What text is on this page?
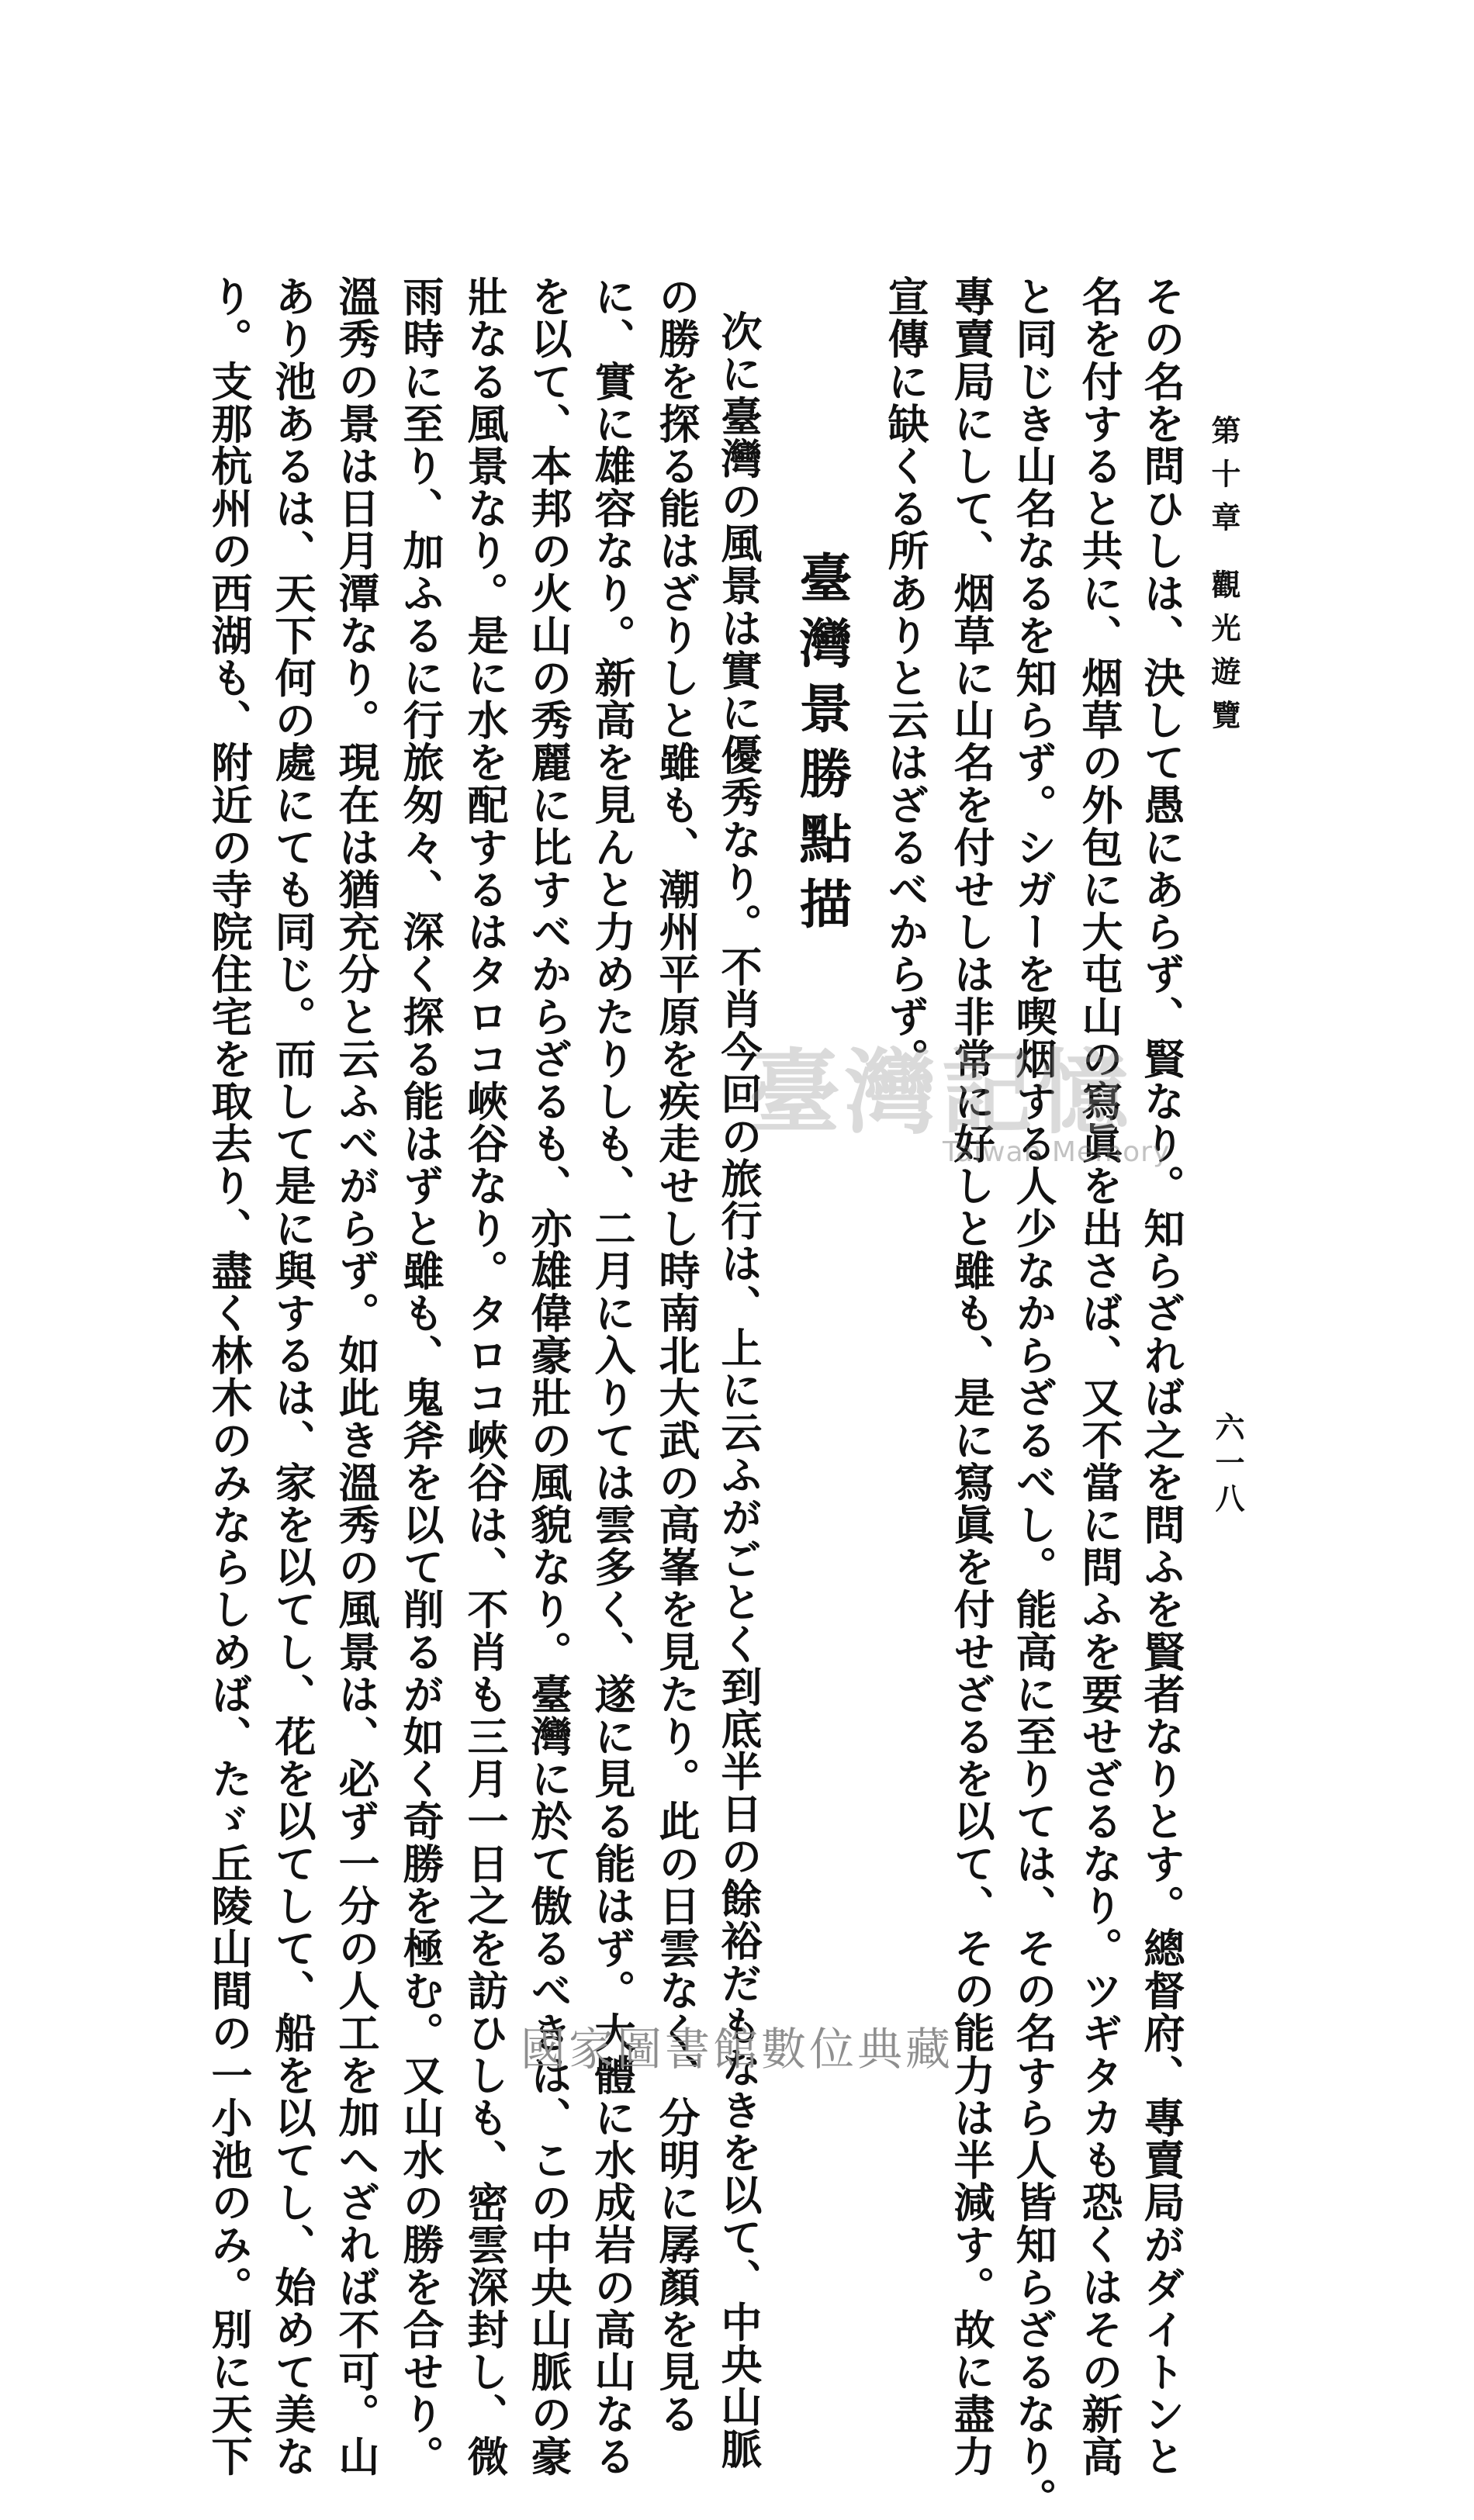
第十章 觀光遊覽
六一八
その名を問ひしは、決して愚にあらず、賢なり。知らざれば之を問ふを賢者なりとす。總督府、專賣局がダイトンと
名を付すると共に、烟草の外包に大屯山の寫眞を出さば、又不當に問ふを要せざるなり。ツギタカも恐くはその新高
と同じき山名なるを知らず。シガーを喫烟する人少なからざるべし。能高に至りては、その名すら人皆知らざるなり。
專賣局にして、烟草に山名を付せしは非常に好しと雖も、是に寫眞を付せざるを以て、その能力は半減す。故に盡力
宣傳に缺くる所ありと云はざるべからず。
臺灣景勝點描
次に臺灣の風景は實に優秀なり。不肖今回の旅行は、上に云ふがごとく到底半日の餘裕だもなきを以て、中央山脈
の勝を探る能はざりしと雖も、潮州平原を疾走せし時南北大武の高峯を見たり。此の日雲なく、分明に孱顏を見る
に、實に雄容なり。新高を見んと力めたりしも、二月に入りては雲多く、遂に見る能はず。大體に水成岩の高山なる
を以て、本邦の火山の秀麗に比すべからざるも、亦雄偉豪壯の風貌なり。臺灣に於て傲るべきは、この中央山脈の豪
壯なる風景なり。是に水を配するはタロコ峽谷なり。タロコ峽谷は、不肖も三月一日之を訪ひしも、密雲深封し、微
雨時に至り、加ふるに行旅匆々、深く探る能はずと雖も、鬼斧を以て削るが如く奇勝を極む。又山水の勝を合せり。
溫秀の景は日月潭なり。現在は猶充分と云ふべがらず。如此き溫秀の風景は、必ず一分の人工を加へざれば不可。山
あり池あるは、天下何の處にても同じ。而して是に與するは、家を以てし、花を以てして、船を以てし、始めて美な
り。支那杭州の西湖も、附近の寺院住宅を取去り、盡く林木のみならしめば、たゞ丘陵山間の一小池のみ。別に天下	臺灣記憶
Taiwan Memory
國家圖書館數位典藏
